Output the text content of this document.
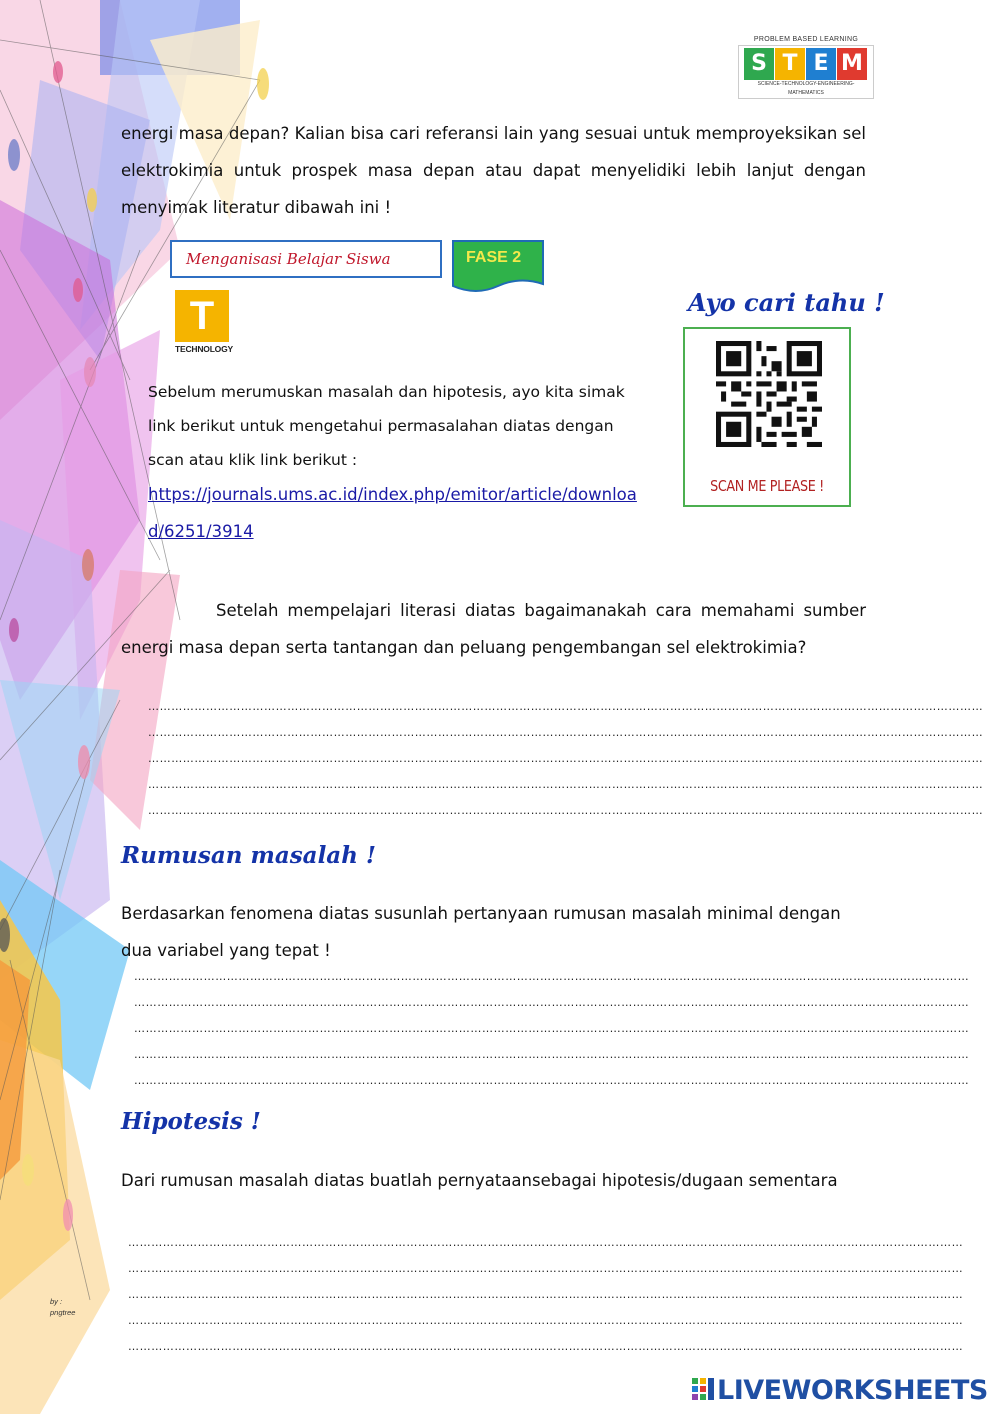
PROBLEM BASED LEARNING
S T E M
SCIENCE-TECHNOLOGY-ENGINEERING-MATHEMATICS
energi masa depan? Kalian bisa cari referansi lain yang sesuai untuk memproyeksikan sel elektrokimia untuk prospek masa depan atau dapat menyelidiki lebih lanjut dengan menyimak literatur dibawah ini !
Menganisasi Belajar Siswa	FASE 2
T
TECHNOLOGY
Ayo cari tahu !
SCAN ME PLEASE !
Sebelum merumuskan masalah dan hipotesis, ayo kita simak link berikut untuk mengetahui permasalahan diatas dengan scan atau klik link berikut :
https://journals.ums.ac.id/index.php/emitor/article/downloa
d/6251/3914
Setelah mempelajari literasi diatas bagaimanakah cara memahami sumber energi masa depan serta tantangan dan peluang pengembangan sel elektrokimia?
………………………………………………………………………………………………………………………………………………………………………………………………
………………………………………………………………………………………………………………………………………………………………………………………………
………………………………………………………………………………………………………………………………………………………………………………………………
………………………………………………………………………………………………………………………………………………………………………………………………
………………………………………………………………………………………………………………………………………………………………………………………………
Rumusan masalah !
Berdasarkan fenomena diatas susunlah pertanyaan rumusan masalah minimal dengan dua variabel yang tepat !
………………………………………………………………………………………………………………………………………………………………………………………………
………………………………………………………………………………………………………………………………………………………………………………………………
………………………………………………………………………………………………………………………………………………………………………………………………
………………………………………………………………………………………………………………………………………………………………………………………………
………………………………………………………………………………………………………………………………………………………………………………………………
Hipotesis !
Dari rumusan masalah diatas buatlah pernyataansebagai hipotesis/dugaan sementara
………………………………………………………………………………………………………………………………………………………………………………………………
………………………………………………………………………………………………………………………………………………………………………………………………
………………………………………………………………………………………………………………………………………………………………………………………………
………………………………………………………………………………………………………………………………………………………………………………………………
………………………………………………………………………………………………………………………………………………………………………………………………
by :
pngtree
LIVEWORKSHEETS
